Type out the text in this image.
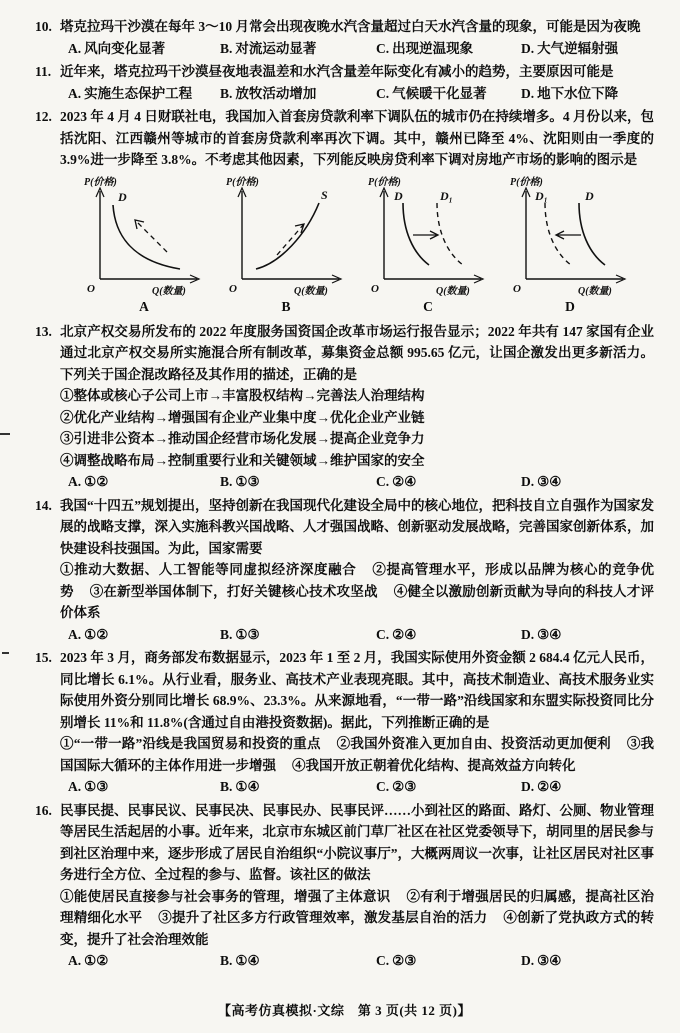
10. 塔克拉玛干沙漠在每年 3～10 月常会出现夜晚水汽含量超过白天水汽含量的现象，可能是因为夜晚

A. 风向变化显著	B. 对流运动显著	C. 出现逆温现象	D. 大气逆辐射强

11. 近年来，塔克拉玛干沙漠昼夜地表温差和水汽含量差年际变化有减小的趋势，主要原因可能是

A. 实施生态保护工程	B. 放牧活动增加	C. 气候暖干化显著	D. 地下水位下降

12. 2023 年 4 月 4 日财联社电，我国加入首套房贷款利率下调队伍的城市仍在持续增多。4 月份以来，包括沈阳、江西赣州等城市的首套房贷款利率再次下调。其中，赣州已降至 4%、沈阳则由一季度的 3.9%进一步降至 3.8%。不考虑其他因素，下列能反映房贷利率下调对房地产市场的影响的图示是

P(价格)
O	Q(数量)
D
A
P(价格)
O	Q(数量)
S
B
P(价格)
O	Q(数量)
D	D₁
C
P(价格)
O	Q(数量)
D₁	D
D

13. 北京产权交易所发布的 2022 年度服务国资国企改革市场运行报告显示；2022 年共有 147 家国有企业通过北京产权交易所实施混合所有制改革，募集资金总额 995.65 亿元，让国企激发出更多新活力。下列关于国企混改路径及其作用的描述，正确的是

①整体或核心子公司上市→丰富股权结构→完善法人治理结构
②优化产业结构→增强国有企业产业集中度→优化企业产业链
③引进非公资本→推动国企经营市场化发展→提高企业竞争力
④调整战略布局→控制重要行业和关键领域→维护国家的安全
A. ①②	B. ①③	C. ②④	D. ③④

14. 我国“十四五”规划提出，坚持创新在我国现代化建设全局中的核心地位，把科技自立自强作为国家发展的战略支撑，深入实施科教兴国战略、人才强国战略、创新驱动发展战略，完善国家创新体系，加快建设科技强国。为此，国家需要

①推动大数据、人工智能等同虚拟经济深度融合 ②提高管理水平，形成以品牌为核心的竞争优势 ③在新型举国体制下，打好关键核心技术攻坚战 ④健全以激励创新贡献为导向的科技人才评价体系

A. ①②	B. ①③	C. ②④	D. ③④

15. 2023 年 3 月，商务部发布数据显示，2023 年 1 至 2 月，我国实际使用外资金额 2 684.4 亿元人民币，同比增长 6.1%。从行业看，服务业、高技术产业表现亮眼。其中，高技术制造业、高技术服务业实际使用外资分别同比增长 68.9%、23.3%。从来源地看，“一带一路”沿线国家和东盟实际投资同比分别增长 11%和 11.8%(含通过自由港投资数据)。据此，下列推断正确的是

①“一带一路”沿线是我国贸易和投资的重点 ②我国外资准入更加自由、投资活动更加便利 ③我国国际大循环的主体作用进一步增强 ④我国开放正朝着优化结构、提高效益方向转化

A. ①③	B. ①④	C. ②③	D. ②④

16. 民事民提、民事民议、民事民决、民事民办、民事民评……小到社区的路面、路灯、公厕、物业管理等居民生活起居的小事。近年来，北京市东城区前门草厂社区在社区党委领导下，胡同里的居民参与到社区治理中来，逐步形成了居民自治组织“小院议事厅”，大概两周议一次事，让社区居民对社区事务进行全方位、全过程的参与、监督。该社区的做法

①能使居民直接参与社会事务的管理，增强了主体意识 ②有利于增强居民的归属感，提高社区治理精细化水平 ③提升了社区多方行政管理效率，激发基层自治的活力 ④创新了党执政方式的转变，提升了社会治理效能

A. ①②	B. ①④	C. ②③	D. ③④
【高考仿真模拟·文综　第 3 页(共 12 页)】
